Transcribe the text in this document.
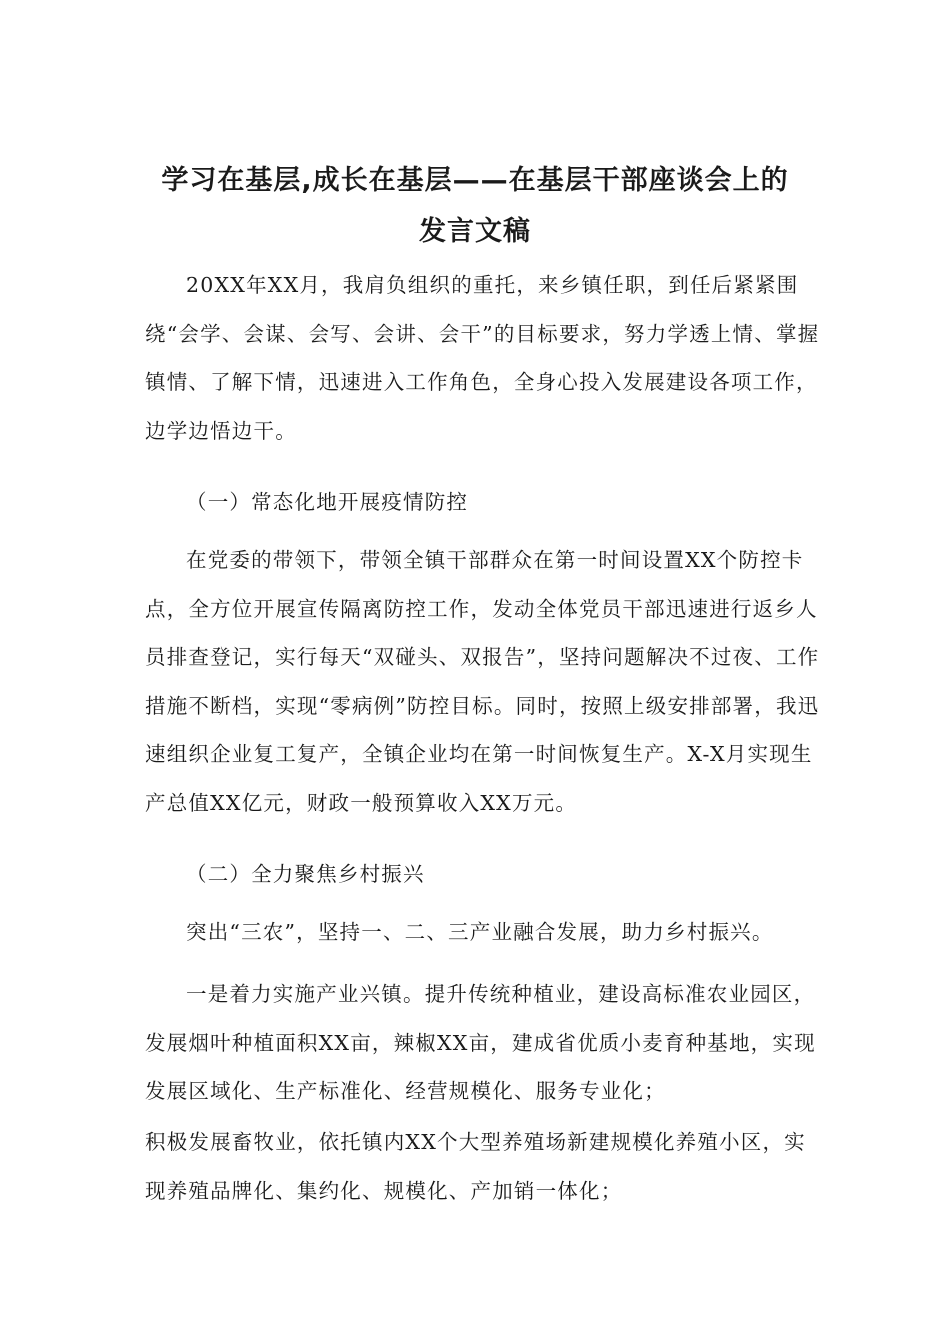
学习在基层,成长在基层——在基层干部座谈会上的
发言文稿

20XX年XX月，我肩负组织的重托，来乡镇任职，到任后紧紧围绕“会学、会谋、会写、会讲、会干”的目标要求，努力学透上情、掌握镇情、了解下情，迅速进入工作角色，全身心投入发展建设各项工作，边学边悟边干。

（一）常态化地开展疫情防控

在党委的带领下，带领全镇干部群众在第一时间设置XX个防控卡点，全方位开展宣传隔离防控工作，发动全体党员干部迅速进行返乡人员排查登记，实行每天“双碰头、双报告”，坚持问题解决不过夜、工作措施不断档，实现“零病例”防控目标。同时，按照上级安排部署，我迅速组织企业复工复产，全镇企业均在第一时间恢复生产。X-X月实现生产总值XX亿元，财政一般预算收入XX万元。

（二）全力聚焦乡村振兴

突出“三农”，坚持一、二、三产业融合发展，助力乡村振兴。

一是着力实施产业兴镇。提升传统种植业，建设高标准农业园区，发展烟叶种植面积XX亩，辣椒XX亩，建成省优质小麦育种基地，实现发展区域化、生产标准化、经营规模化、服务专业化；

积极发展畜牧业，依托镇内XX个大型养殖场新建规模化养殖小区，实现养殖品牌化、集约化、规模化、产加销一体化；
